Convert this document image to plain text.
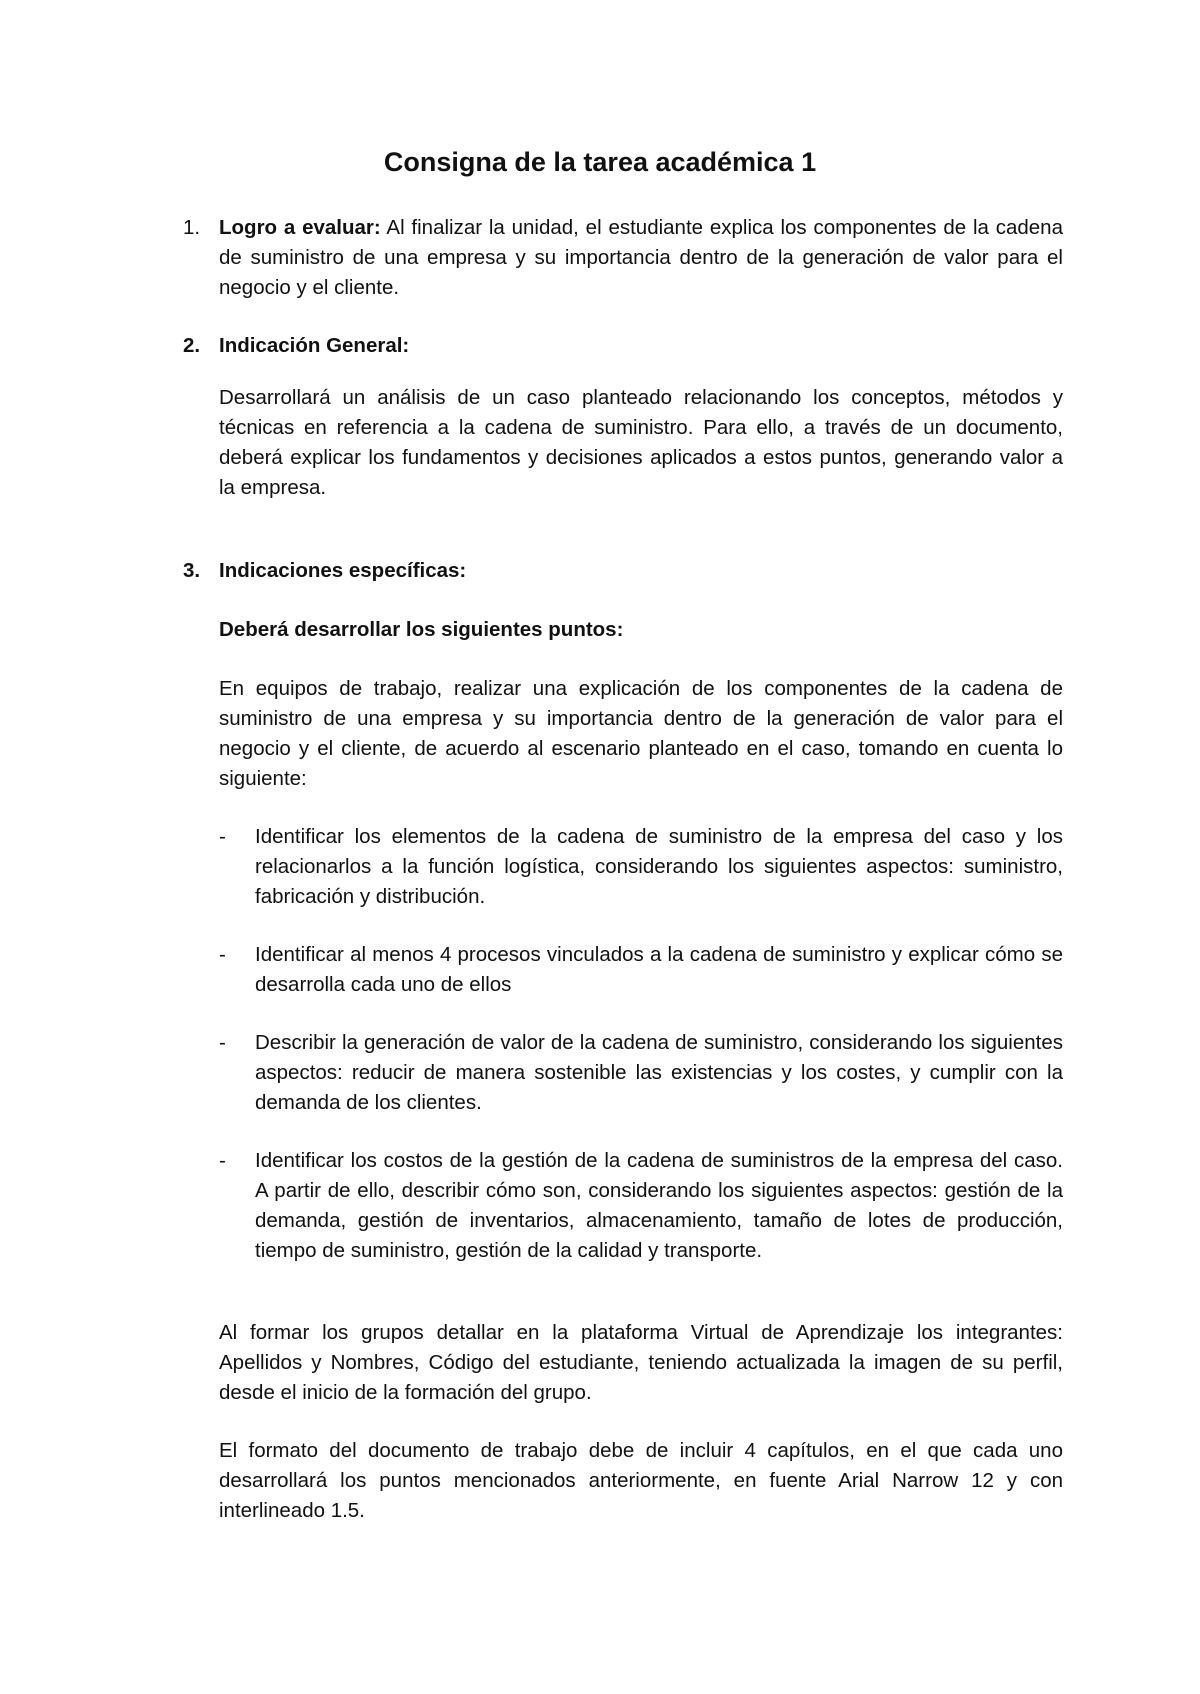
Consigna de la tarea académica 1

1. Logro a evaluar: Al finalizar la unidad, el estudiante explica los componentes de la cadena de suministro de una empresa y su importancia dentro de la generación de valor para el negocio y el cliente.

2. Indicación General:

Desarrollará un análisis de un caso planteado relacionando los conceptos, métodos y técnicas en referencia a la cadena de suministro. Para ello, a través de un documento, deberá explicar los fundamentos y decisiones aplicados a estos puntos, generando valor a la empresa.

3. Indicaciones específicas:

Deberá desarrollar los siguientes puntos:

En equipos de trabajo, realizar una explicación de los componentes de la cadena de suministro de una empresa y su importancia dentro de la generación de valor para el negocio y el cliente, de acuerdo al escenario planteado en el caso, tomando en cuenta lo siguiente:

- Identificar los elementos de la cadena de suministro de la empresa del caso y los relacionarlos a la función logística, considerando los siguientes aspectos: suministro, fabricación y distribución.

- Identificar al menos 4 procesos vinculados a la cadena de suministro y explicar cómo se desarrolla cada uno de ellos

- Describir la generación de valor de la cadena de suministro, considerando los siguientes aspectos: reducir de manera sostenible las existencias y los costes, y cumplir con la demanda de los clientes.

- Identificar los costos de la gestión de la cadena de suministros de la empresa del caso. A partir de ello, describir cómo son, considerando los siguientes aspectos: gestión de la demanda, gestión de inventarios, almacenamiento, tamaño de lotes de producción, tiempo de suministro, gestión de la calidad y transporte.

Al formar los grupos detallar en la plataforma Virtual de Aprendizaje los integrantes: Apellidos y Nombres, Código del estudiante, teniendo actualizada la imagen de su perfil, desde el inicio de la formación del grupo.

El formato del documento de trabajo debe de incluir 4 capítulos, en el que cada uno desarrollará los puntos mencionados anteriormente, en fuente Arial Narrow 12 y con interlineado 1.5.
